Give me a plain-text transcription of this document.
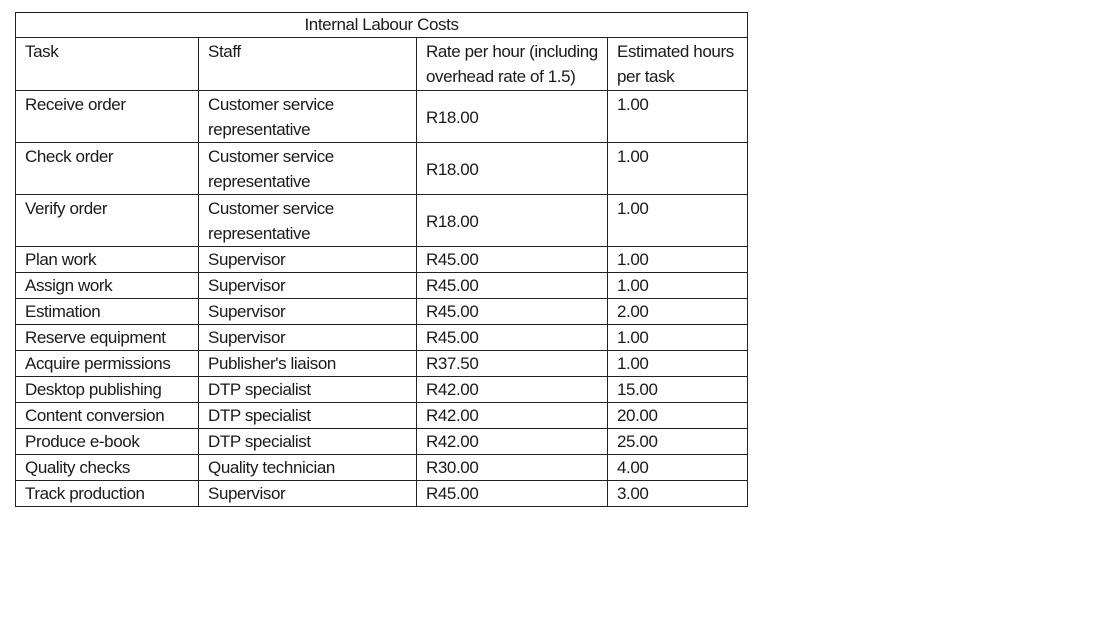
Internal Labour Costs			
Task	Staff	Rate per hour (including overhead rate of 1.5)	Estimated hours per task
Receive order	Customer service representative	R18.00	1.00
Check order	Customer service representative	R18.00	1.00
Verify order	Customer service representative	R18.00	1.00
Plan work	Supervisor	R45.00	1.00
Assign work	Supervisor	R45.00	1.00
Estimation	Supervisor	R45.00	2.00
Reserve equipment	Supervisor	R45.00	1.00
Acquire permissions	Publisher's liaison	R37.50	1.00
Desktop publishing	DTP specialist	R42.00	15.00
Content conversion	DTP specialist	R42.00	20.00
Produce e-book	DTP specialist	R42.00	25.00
Quality checks	Quality technician	R30.00	4.00
Track production	Supervisor	R45.00	3.00
